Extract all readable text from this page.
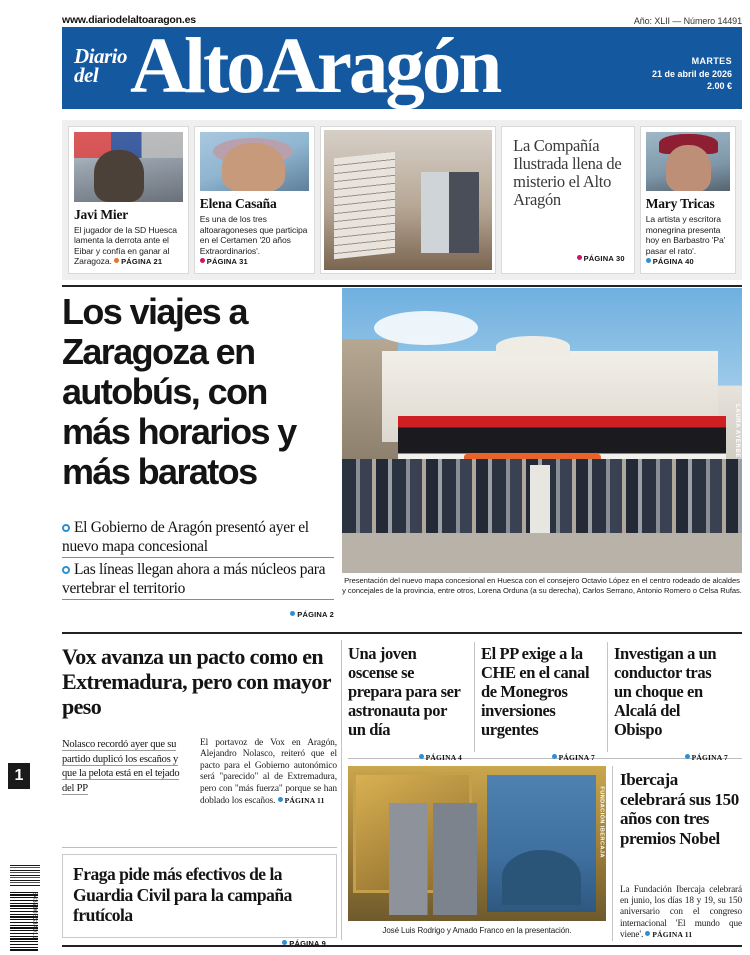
www.diariodelaltoaragon.es	Año: XLII — Número 14491
Diario
del AltoAragón	MARTES
21 de abril de 2026
2.00 €
1
8437008334011
Javi Mier
El jugador de la SD Huesca lamenta la derrota ante el Eibar y confía en ganar al Zaragoza. PÁGINA 21
Elena Casaña
Es una de los tres altoaragoneses que participa en el Certamen '20 años Extraordinarios'. PÁGINA 31
La Compañía Ilustrada llena de misterio el Alto Aragón
PÁGINA 30
Mary Tricas
La artista y escritora monegrina presenta hoy en Barbastro 'Pa' pasar el rato'. PÁGINA 40
Los viajes a Zaragoza en autobús, con más horarios y más baratos
El Gobierno de Aragón presentó ayer el nuevo mapa concesional
Las líneas llegan ahora a más núcleos para vertebrar el territorio
PÁGINA 2
LAURA AYERBE
Presentación del nuevo mapa concesional en Huesca con el consejero Octavio López en el centro rodeado de alcaldes y concejales de la provincia, entre otros, Lorena Orduna (a su derecha), Carlos Serrano, Antonio Romero o Celsa Rufas.
Vox avanza un pacto como en Extremadura, pero con mayor peso
Nolasco recordó ayer que su partido duplicó los escaños y que la pelota está en el tejado del PP
El portavoz de Vox en Aragón, Alejandro Nolasco, reiteró que el pacto para el Gobierno autonómico será "parecido" al de Extremadura, pero con "más fuerza" porque se han doblado los escaños. PÁGINA 11
Fraga pide más efectivos de la Guardia Civil para la campaña frutícola
PÁGINA 9
Una joven oscense se prepara para ser astronauta por un día
PÁGINA 4
El PP exige a la CHE en el canal de Monegros inversiones urgentes
PÁGINA 7
Investigan a un conductor tras un choque en Alcalá del Obispo
PÁGINA 7
FUNDACIÓN IBERCAJA
José Luis Rodrigo y Amado Franco en la presentación.
Ibercaja celebrará sus 150 años con tres premios Nobel
La Fundación Ibercaja celebrará en junio, los días 18 y 19, su 150 aniversario con el congreso internacional 'El mundo que viene'. PÁGINA 11
